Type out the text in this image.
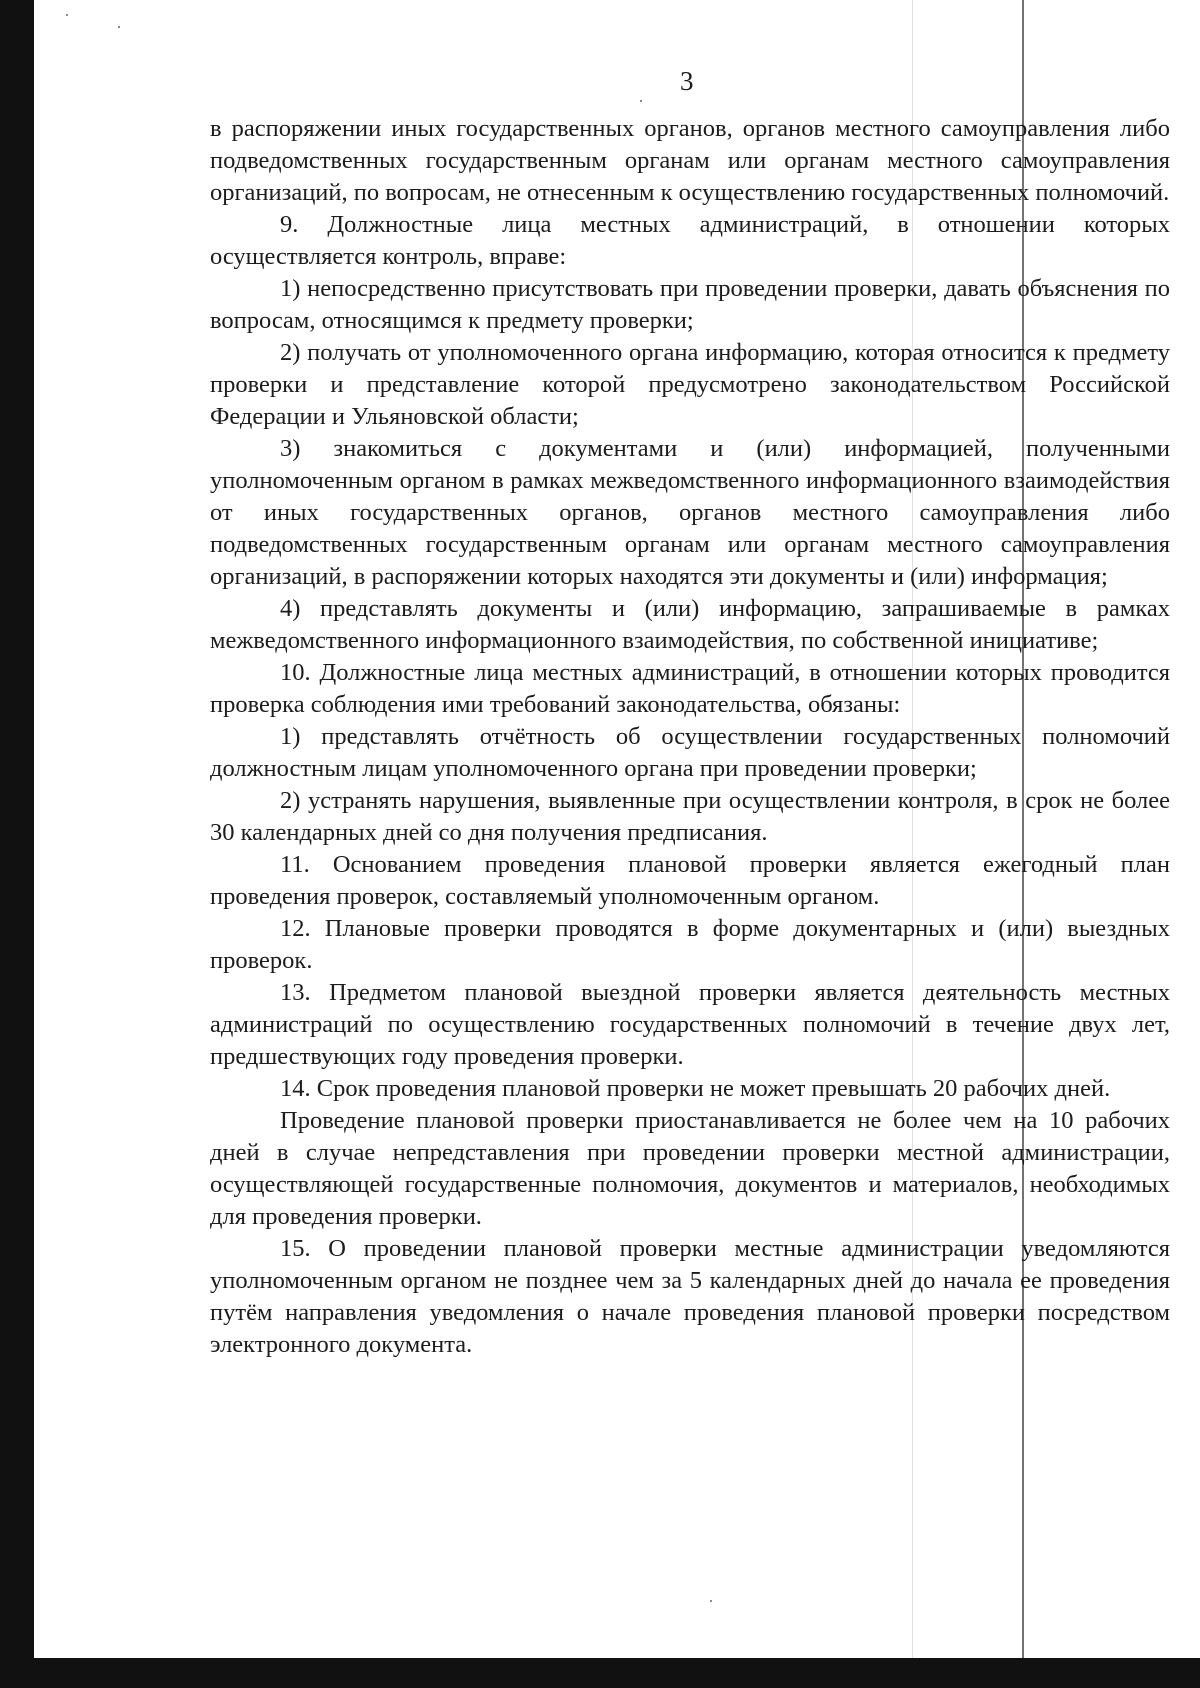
3

в распоряжении иных государственных органов, органов местного самоуправления либо подведомственных государственным органам или органам местного самоуправления организаций, по вопросам, не отнесенным к осуществлению государственных полномочий.

9. Должностные лица местных администраций, в отношении которых осуществляется контроль, вправе:

1) непосредственно присутствовать при проведении проверки, давать объяснения по вопросам, относящимся к предмету проверки;

2) получать от уполномоченного органа информацию, которая относится к предмету проверки и представление которой предусмотрено законодательством Российской Федерации и Ульяновской области;

3) знакомиться с документами и (или) информацией, полученными уполномоченным органом в рамках межведомственного информационного взаимодействия от иных государственных органов, органов местного самоуправления либо подведомственных государственным органам или органам местного самоуправления организаций, в распоряжении которых находятся эти документы и (или) информация;

4) представлять документы и (или) информацию, запрашиваемые в рамках межведомственного информационного взаимодействия, по собственной инициативе;

10. Должностные лица местных администраций, в отношении которых проводится проверка соблюдения ими требований законодательства, обязаны:

1) представлять отчётность об осуществлении государственных полномочий должностным лицам уполномоченного органа при проведении проверки;

2) устранять нарушения, выявленные при осуществлении контроля, в срок не более 30 календарных дней со дня получения предписания.

11. Основанием проведения плановой проверки является ежегодный план проведения проверок, составляемый уполномоченным органом.

12. Плановые проверки проводятся в форме документарных и (или) выездных проверок.

13. Предметом плановой выездной проверки является деятельность местных администраций по осуществлению государственных полномочий в течение двух лет, предшествующих году проведения проверки.

14. Срок проведения плановой проверки не может превышать 20 рабочих дней.

Проведение плановой проверки приостанавливается не более чем на 10 рабочих дней в случае непредставления при проведении проверки местной администрации, осуществляющей государственные полномочия, документов и материалов, необходимых для проведения проверки.

15. О проведении плановой проверки местные администрации уведомляются уполномоченным органом не позднее чем за 5 календарных дней до начала ее проведения путём направления уведомления о начале проведения плановой проверки посредством электронного документа.
